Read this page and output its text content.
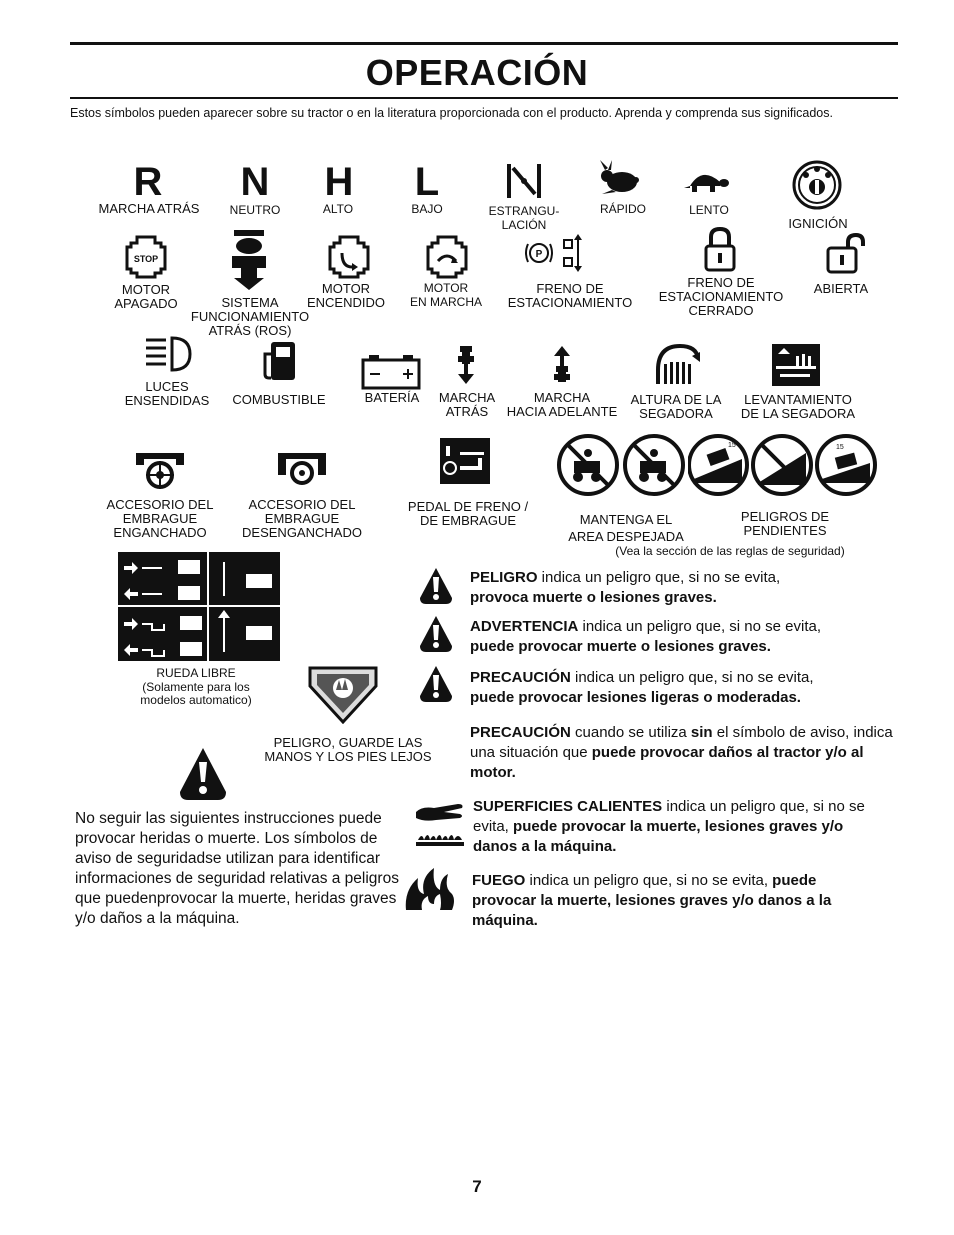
OPERACIÓN
Estos símbolos pueden aparecer sobre su tractor o en la literatura proporcionada con el producto. Aprenda y comprenda sus significados.
R
MARCHA ATRÁS
N
NEUTRO
H
ALTO
L
BAJO	ESTRANGU-
LACIÓN
RÁPIDO	LENTO
IGNICIÓN
STOP
MOTOR
APAGADO	SISTEMA
FUNCIONAMIENTO
ATRÁS (ROS)
MOTOR
ENCENDIDO
MOTOR
EN MARCHA
P
FRENO DE
ESTACIONAMIENTO
FRENO DE
ESTACIONAMIENTO
CERRADO
ABIERTA
LUCES
ENSENDIDAS	COMBUSTIBLE	BATERÍA	MARCHA
ATRÁS
MARCHA
HACIA ADELANTE
ALTURA DE LA
SEGADORA
LEVANTAMIENTO
DE LA SEGADORA
ACCESORIO DEL
EMBRAGUE
ENGANCHADO
ACCESORIO DEL
EMBRAGUE
DESENGANCHADO
PEDAL DE FRENO /
DE EMBRAGUE	MANTENGA EL
AREA DESPEJADA
15	15
PELIGROS DE
PENDIENTES
(Vea la sección de las reglas de seguridad)
RUEDA LIBRE
(Solamente para los
modelos automatico)
PELIGRO, GUARDE LAS
MANOS Y LOS PIES LEJOS
No seguir las siguientes instrucciones puede provocar heridas o muerte. Los símbolos de aviso de seguridadse utilizan para identificar informaciones de seguridad relativas a peligros que puedenprovocar la muerte, heridas graves y/o daños a la máquina.
PELIGRO indica un peligro que, si no se evita,
provoca muerte o lesiones graves.
ADVERTENCIA indica un peligro que, si no se evita,
puede provocar muerte o lesiones graves.
PRECAUCIÓN indica un peligro que, si no se evita,
puede provocar lesiones ligeras o moderadas.
PRECAUCIÓN cuando se utiliza sin el símbolo de aviso, indica una situación que puede provocar daños al tractor y/o al motor.
SUPERFICIES CALIENTES indica un peligro que, si no se evita, puede provocar la muerte, lesiones graves y/o danos a la máquina.
FUEGO indica un peligro que, si no se evita, puede provocar la muerte, lesiones graves y/o danos a la máquina.
7
